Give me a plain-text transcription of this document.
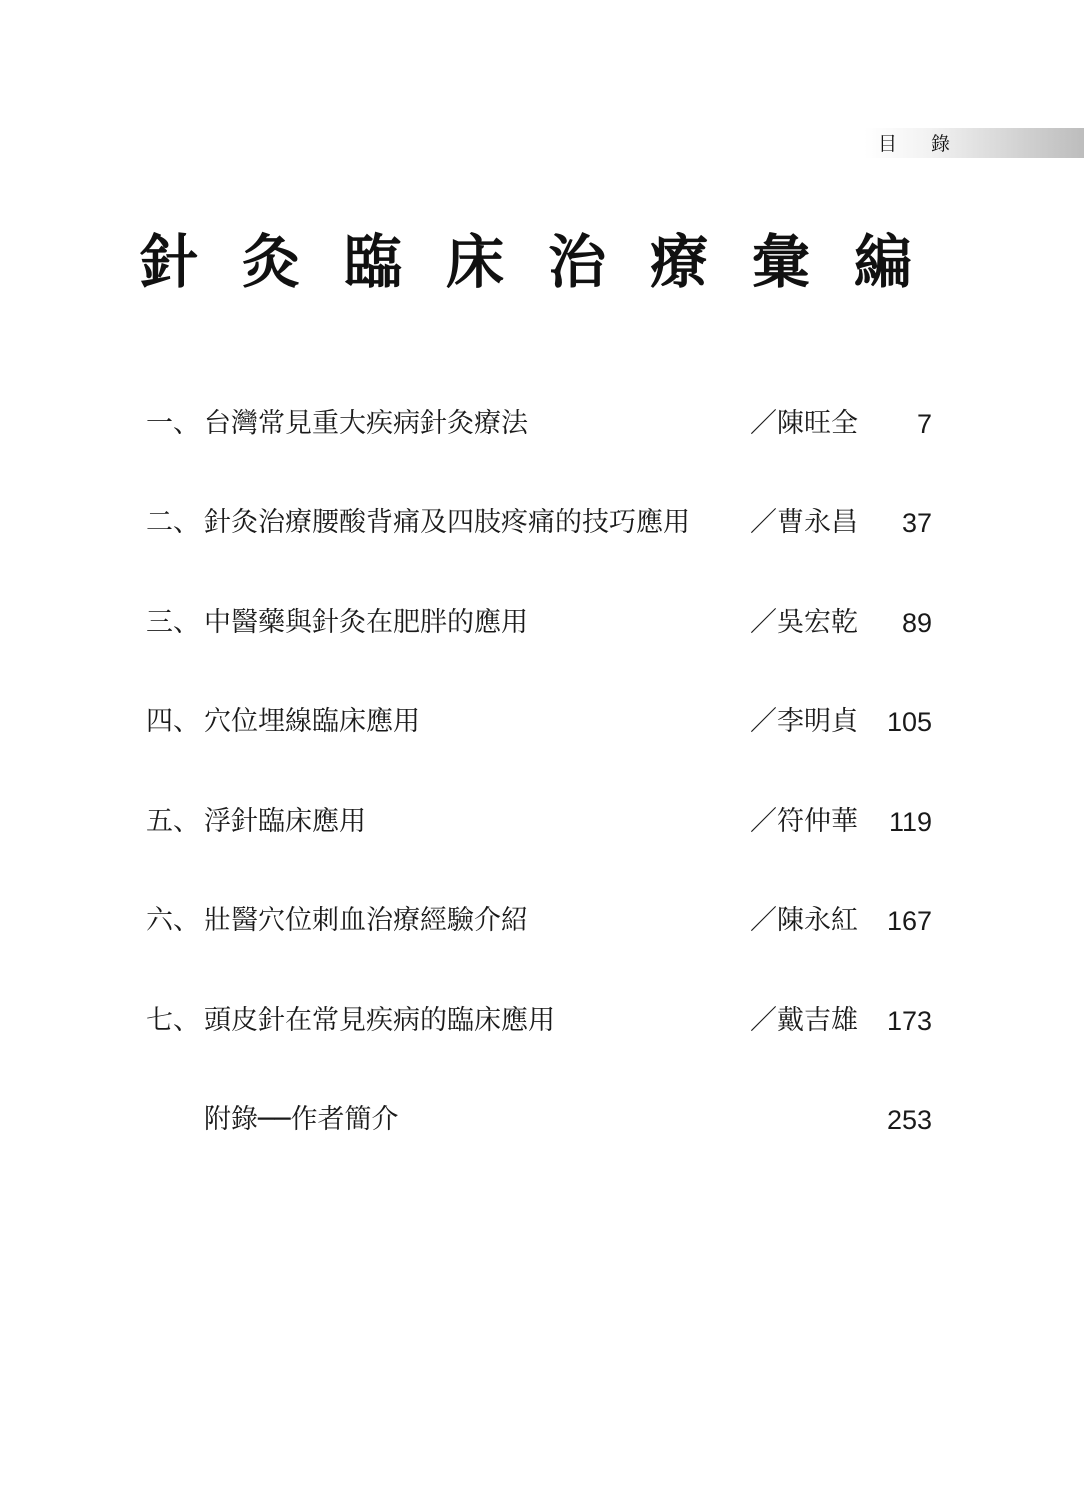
目 錄
針灸臨床治療彙編
一、 台灣常見重大疾病針灸療法	／陳旺全 7
二、 針灸治療腰酸背痛及四肢疼痛的技巧應用 ／曹永昌 37
三、 中醫藥與針灸在肥胖的應用	／吳宏乾 89
四、 穴位埋線臨床應用	／李明貞 105
五、 浮針臨床應用	／符仲華 119
六、 壯醫穴位刺血治療經驗介紹	／陳永紅 167
七、 頭皮針在常見疾病的臨床應用	／戴吉雄 173
附錄──作者簡介	253
